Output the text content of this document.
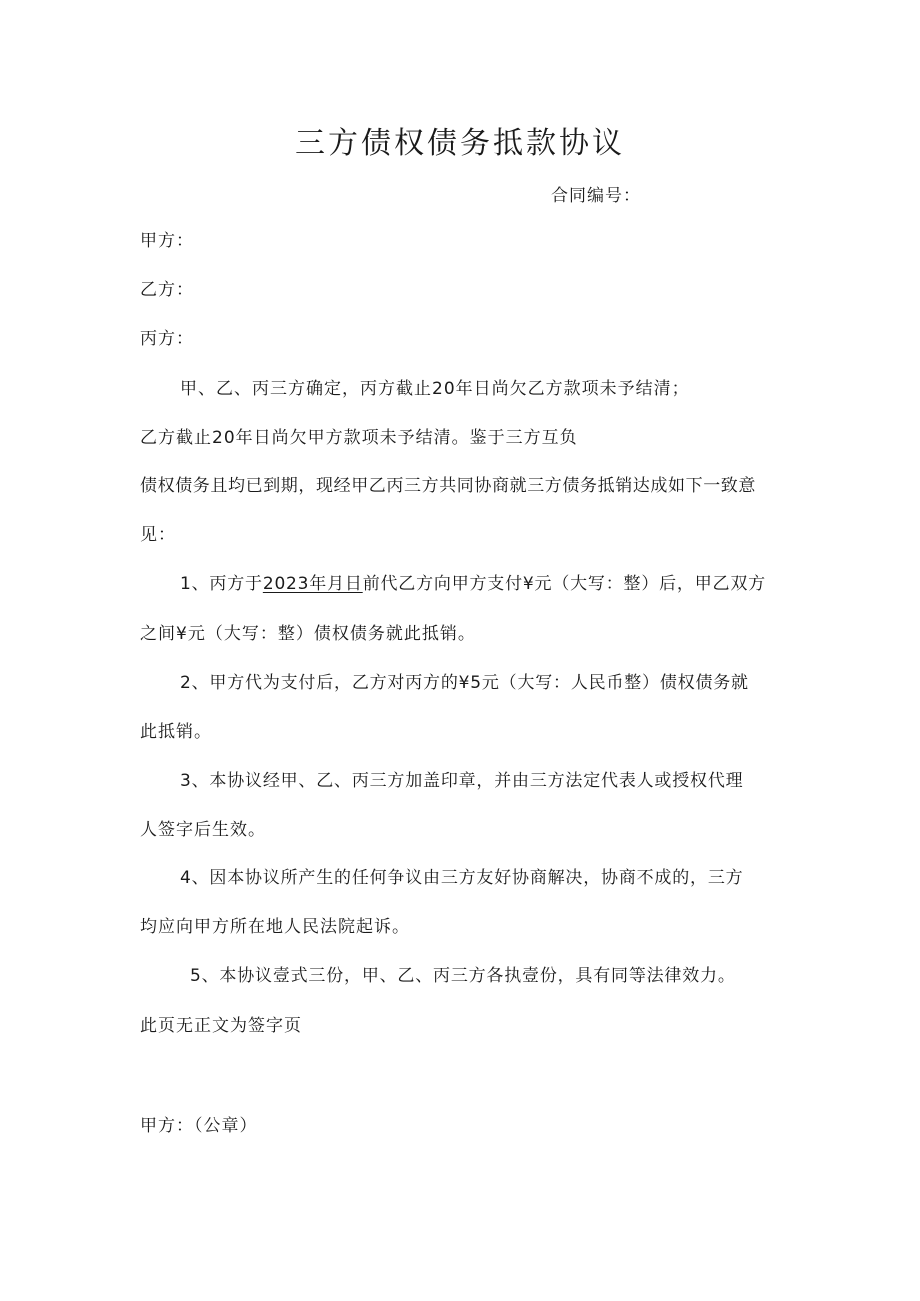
三方债权债务抵款协议

合同编号：

甲方：

乙方：

丙方：

甲、乙、丙三方确定，丙方截止20年日尚欠乙方款项未予结清；

乙方截止20年日尚欠甲方款项未予结清。鉴于三方互负

债权债务且均已到期，现经甲乙丙三方共同协商就三方债务抵销达成如下一致意

见：

1、丙方于2023年月日前代乙方向甲方支付¥元（大写：整）后，甲乙双方

之间¥元（大写：整）债权债务就此抵销。

2、甲方代为支付后，乙方对丙方的¥5元（大写：人民币整）债权债务就

此抵销。

3、本协议经甲、乙、丙三方加盖印章，并由三方法定代表人或授权代理

人签字后生效。

4、因本协议所产生的任何争议由三方友好协商解决，协商不成的，三方

均应向甲方所在地人民法院起诉。

5、本协议壹式三份，甲、乙、丙三方各执壹份，具有同等法律效力。

此页无正文为签字页

甲方：（公章）
